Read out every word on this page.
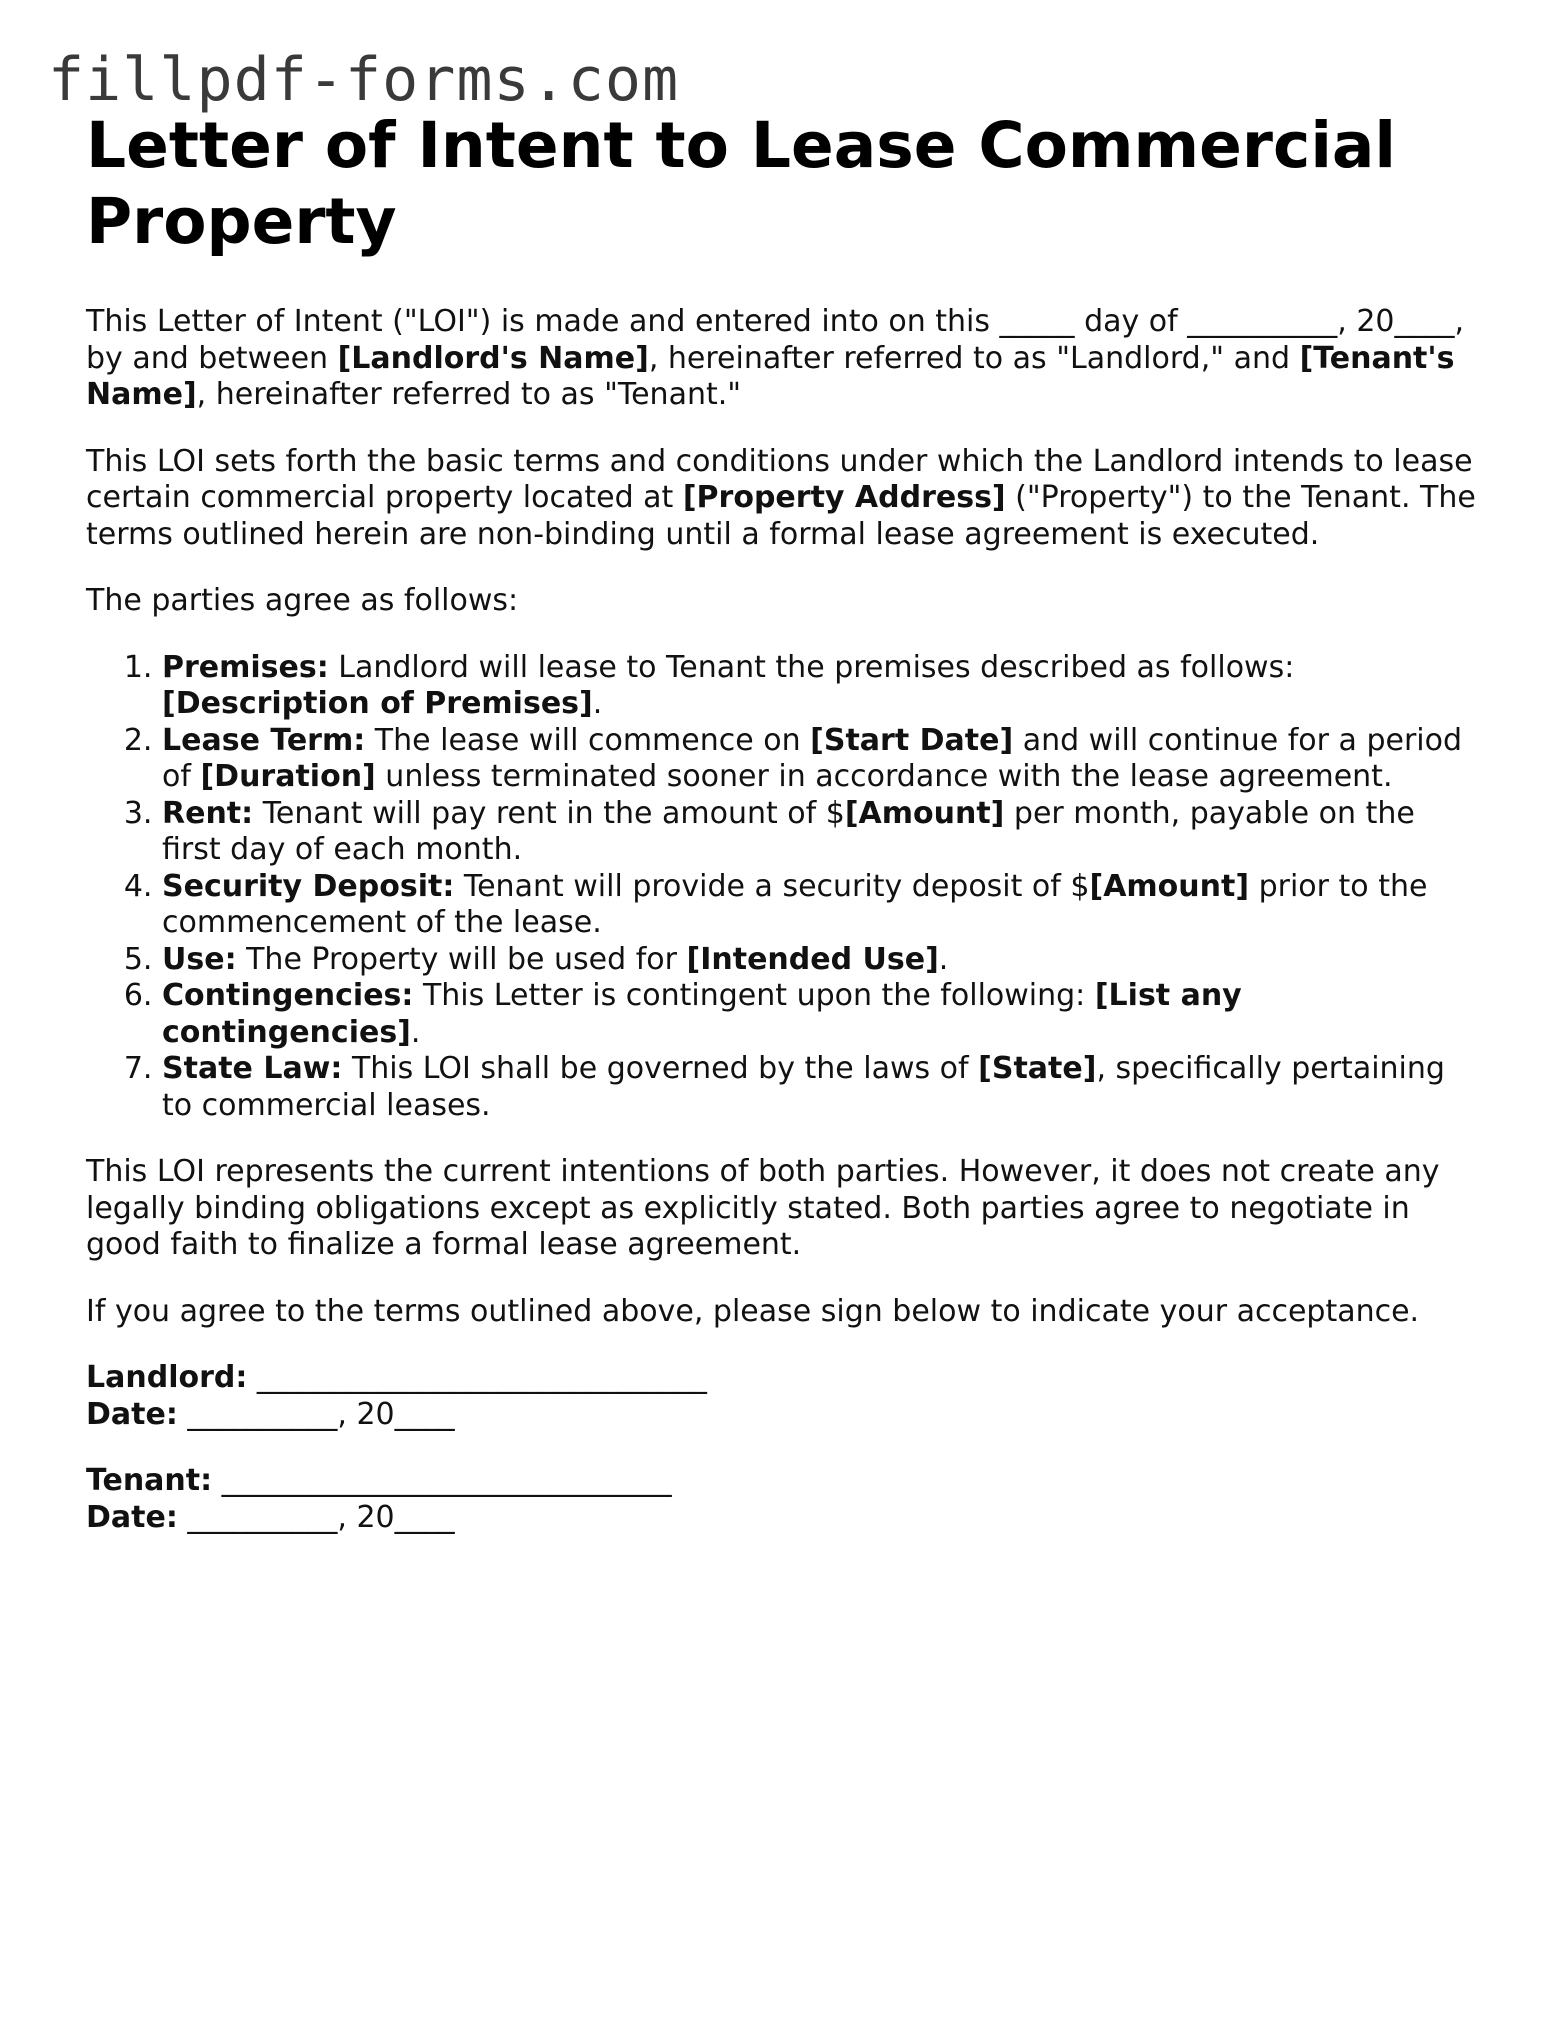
fillpdf-forms.com
Letter of Intent to Lease Commercial Property

This Letter of Intent ("LOI") is made and entered into on this _____ day of __________, 20____, by and between [Landlord's Name], hereinafter referred to as "Landlord," and [Tenant's Name], hereinafter referred to as "Tenant."

This LOI sets forth the basic terms and conditions under which the Landlord intends to lease certain commercial property located at [Property Address] ("Property") to the Tenant. The terms outlined herein are non-binding until a formal lease agreement is executed.

The parties agree as follows:

1. Premises: Landlord will lease to Tenant the premises described as follows: [Description of Premises].
2. Lease Term: The lease will commence on [Start Date] and will continue for a period of [Duration] unless terminated sooner in accordance with the lease agreement.
3. Rent: Tenant will pay rent in the amount of $[Amount] per month, payable on the first day of each month.
4. Security Deposit: Tenant will provide a security deposit of $[Amount] prior to the commencement of the lease.
5. Use: The Property will be used for [Intended Use].
6. Contingencies: This Letter is contingent upon the following: [List any contingencies].
7. State Law: This LOI shall be governed by the laws of [State], specifically pertaining to commercial leases.

This LOI represents the current intentions of both parties. However, it does not create any legally binding obligations except as explicitly stated. Both parties agree to negotiate in good faith to finalize a formal lease agreement.

If you agree to the terms outlined above, please sign below to indicate your acceptance.

Landlord: ______________________________
Date: __________, 20____
Tenant: ______________________________
Date: __________, 20____
